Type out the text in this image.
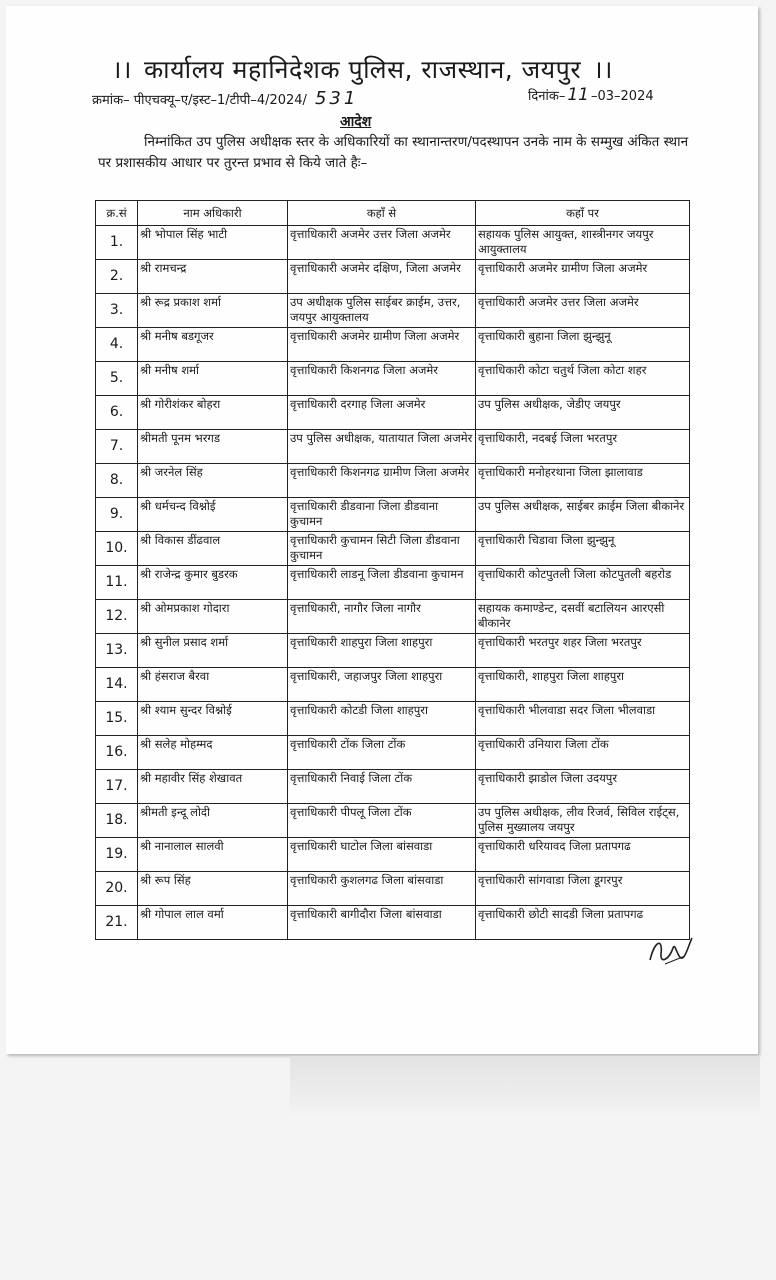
।। कार्यालय महानिदेशक पुलिस, राजस्थान, जयपुर ।।
क्रमांक– पीएचक्यू–ए/इस्ट–1/टीपी–4/2024/ 531	दिनांक– 11 –03–2024
आदेश
निम्नांकित उप पुलिस अधीक्षक स्तर के अधिकारियों का स्थानान्तरण/पदस्थापन उनके नाम के सम्मुख अंकित स्थान पर प्रशासकीय आधार पर तुरन्त प्रभाव से किये जाते हैः–
क्र.सं	नाम अधिकारी	कहाँ से	कहाँ पर
1.	श्री भोपाल सिंह भाटी	वृत्ताधिकारी अजमेर उत्तर जिला अजमेर	सहायक पुलिस आयुक्त, शास्त्रीनगर जयपुर आयुक्तालय
2.	श्री रामचन्द्र	वृत्ताधिकारी अजमेर दक्षिण, जिला अजमेर	वृत्ताधिकारी अजमेर ग्रामीण जिला अजमेर
3.	श्री रूद्र प्रकाश शर्मा	उप अधीक्षक पुलिस साईबर क्राईम, उत्तर, जयपुर आयुक्तालय	वृत्ताधिकारी अजमेर उत्तर जिला अजमेर
4.	श्री मनीष बडगूजर	वृत्ताधिकारी अजमेर ग्रामीण जिला अजमेर	वृत्ताधिकारी बुहाना जिला झुन्झुनू
5.	श्री मनीष शर्मा	वृत्ताधिकारी किशनगढ जिला अजमेर	वृत्ताधिकारी कोटा चतुर्थ जिला कोटा शहर
6.	श्री गोरीशंकर बोहरा	वृत्ताधिकारी दरगाह जिला अजमेर	उप पुलिस अधीक्षक, जेडीए जयपुर
7.	श्रीमती पूनम भरगड	उप पुलिस अधीक्षक, यातायात जिला अजमेर	वृत्ताधिकारी, नदबई जिला भरतपुर
8.	श्री जरनेल सिंह	वृत्ताधिकारी किशनगढ ग्रामीण जिला अजमेर	वृत्ताधिकारी मनोहरथाना जिला झालावाड
9.	श्री धर्मचन्द विश्नोई	वृत्ताधिकारी डीडवाना जिला डीडवाना कुचामन	उप पुलिस अधीक्षक, साईबर क्राईम जिला बीकानेर
10.	श्री विकास डींढवाल	वृत्ताधिकारी कुचामन सिटी जिला डीडवाना कुचामन	वृत्ताधिकारी चिडावा जिला झुन्झुनू
11.	श्री राजेन्द्र कुमार बुडरक	वृत्ताधिकारी लाडनू जिला डीडवाना कुचामन	वृत्ताधिकारी कोटपुतली जिला कोटपुतली बहरोड
12.	श्री ओमप्रकाश गोदारा	वृत्ताधिकारी, नागौर जिला नागौर	सहायक कमाण्डेन्ट, दसवीं बटालियन आरएसी बीकानेर
13.	श्री सुनील प्रसाद शर्मा	वृत्ताधिकारी शाहपुरा जिला शाहपुरा	वृत्ताधिकारी भरतपुर शहर जिला भरतपुर
14.	श्री हंसराज बैरवा	वृत्ताधिकारी, जहाजपुर जिला शाहपुरा	वृत्ताधिकारी, शाहपुरा जिला शाहपुरा
15.	श्री श्याम सुन्दर विश्नोई	वृत्ताधिकारी कोटडी जिला शाहपुरा	वृत्ताधिकारी भीलवाडा सदर जिला भीलवाडा
16.	श्री सलेह मोहम्मद	वृत्ताधिकारी टोंक जिला टोंक	वृत्ताधिकारी उनियारा जिला टोंक
17.	श्री महावीर सिंह शेखावत	वृत्ताधिकारी निवाई जिला टोंक	वृत्ताधिकारी झाडोल जिला उदयपुर
18.	श्रीमती इन्दू लोदी	वृत्ताधिकारी पीपलू जिला टोंक	उप पुलिस अधीक्षक, लीव रिजर्व, सिविल राईट्स, पुलिस मुख्यालय जयपुर
19.	श्री नानालाल सालवी	वृत्ताधिकारी घाटोल जिला बांसवाडा	वृत्ताधिकारी धरियावद जिला प्रतापगढ
20.	श्री रूप सिंह	वृत्ताधिकारी कुशलगढ जिला बांसवाडा	वृत्ताधिकारी सांगवाडा जिला डूगरपुर
21.	श्री गोपाल लाल वर्मा	वृत्ताधिकारी बागीदौरा जिला बांसवाडा	वृत्ताधिकारी छोटी सादडी जिला प्रतापगढ
